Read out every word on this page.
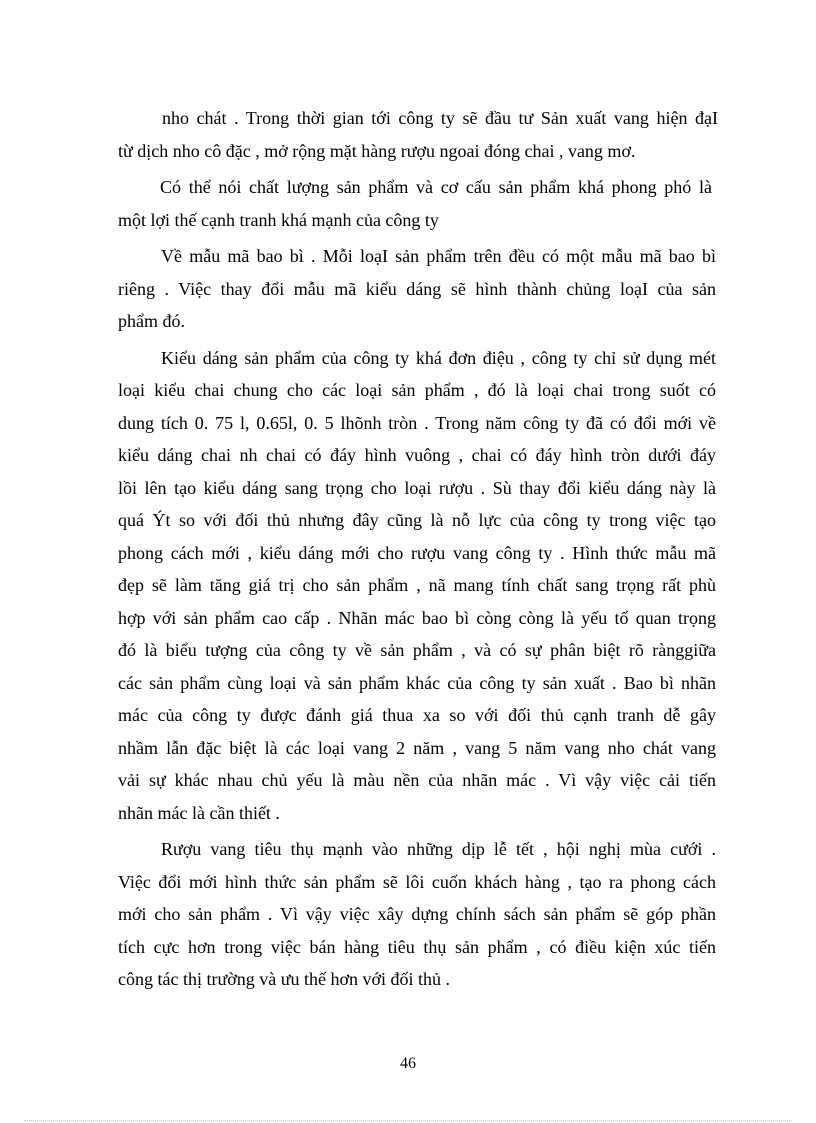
nho chát . Trong thời gian tới công ty sẽ đầu tư Sản xuất vang hiện đạI
từ dịch nho cô đặc , mở rộng mặt hàng rượu ngoai đóng chai , vang mơ.
Có thể nói chất lượng sản phẩm và cơ cấu sản phẩm khá phong phó là
một lợi thế cạnh tranh khá mạnh của công ty
Về mẫu mã bao bì . Mỗi loạI sản phẩm trên đều có một mẫu mã bao bì
riêng . Việc thay đổi mẫu mã kiểu dáng sẽ hình thành chủng loạI của sản
phẩm đó.
Kiểu dáng sản phẩm của công ty khá đơn điệu , công ty chỉ sử dụng mét
loại kiểu chai chung cho các loại sản phẩm , đó là loại chai trong suốt có
dung tích 0. 75 l, 0.65l, 0. 5 lhõnh tròn . Trong năm công ty đã có đổi mới về
kiểu dáng chai nh chai có đáy hình vuông , chai có đáy hình tròn dưới đáy
lồi lên tạo kiểu dáng sang trọng cho loại rượu . Sù thay đổi kiểu dáng này là
quá Ýt so với đối thủ nhưng đây cũng là nỗ lực của công ty trong việc tạo
phong cách mới , kiểu dáng mới cho rượu vang công ty . Hình thức mẫu mã
đẹp sẽ làm tăng giá trị cho sản phẩm , nã mang tính chất sang trọng rất phù
hợp với sản phẩm cao cấp . Nhãn mác bao bì còng còng là yếu tố quan trọng
đó là biểu tượng của công ty về sản phẩm , và có sự phân biệt rõ rànggiữa
các sản phẩm cùng loại và sản phẩm khác của công ty sản xuất . Bao bì nhãn
mác của công ty được đánh giá thua xa so với đối thủ cạnh tranh dễ gây
nhầm lẫn đặc biệt là các loại vang 2 năm , vang 5 năm vang nho chát vang
vải sự khác nhau chủ yếu là màu nền của nhãn mác . Vì vậy việc cải tiến
nhãn mác là cần thiết .
Rượu vang tiêu thụ mạnh vào những dịp lễ tết , hội nghị mùa cưới .
Việc đổi mới hình thức sản phẩm sẽ lôi cuốn khách hàng , tạo ra phong cách
mới cho sản phẩm . Vì vậy việc xây dựng chính sách sản phẩm sẽ góp phần
tích cực hơn trong việc bán hàng tiêu thụ sản phẩm , có điều kiện xúc tiến
công tác thị trường và ưu thế hơn với đối thủ .
46
